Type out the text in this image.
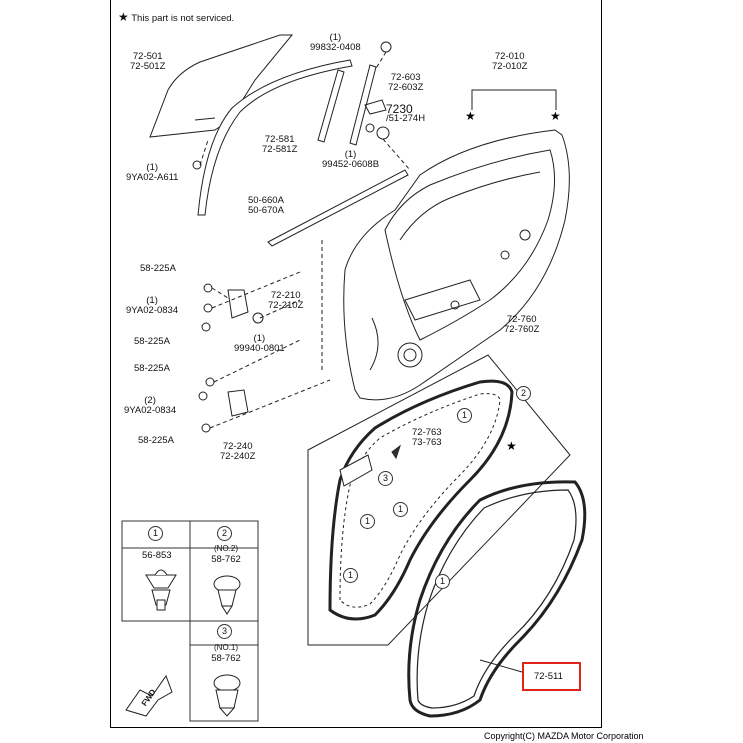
★ This part is not serviced.
72-501
72-501Z
(1)
99832-0408
72-603
72-603Z
7230
/51-274H
72-010
72-010Z
72-581
72-581Z
(1)
9YA02-A611
(1)
99452-0608B
50-660A
50-670A
58-225A
(1)
9YA02-0834
72-210
72-210Z
58-225A	(1)
99940-0801
72-760
72-760Z
58-225A
(2)
9YA02-0834
72-763
73-763
58-225A
72-240
72-240Z
72-511
★	★
★
1
2
3
1
1
1
1
1
56-853
2
(NO.2)
58-762
3
(NO.1)
58-762
FWD
Copyright(C) MAZDA Motor Corporation
